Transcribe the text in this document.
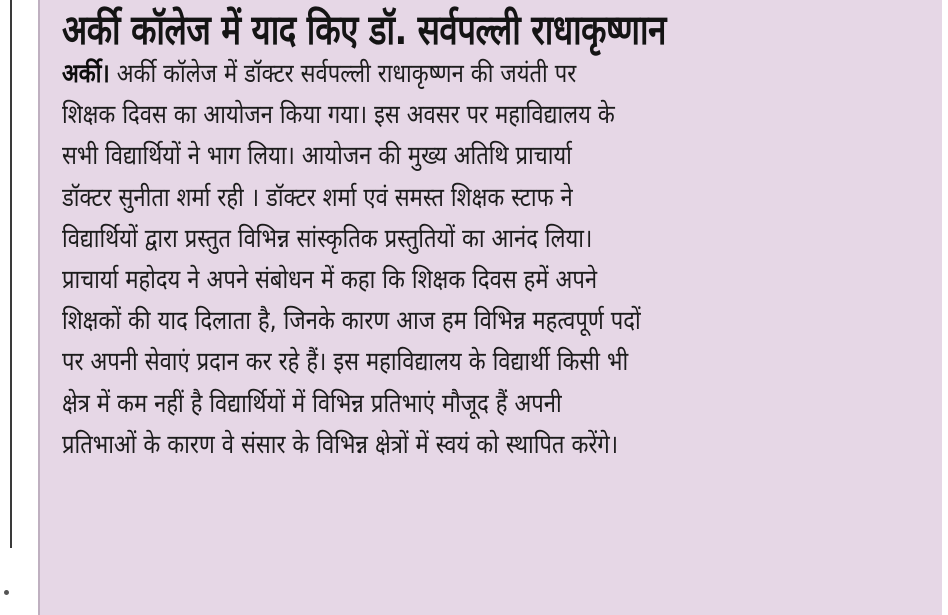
अर्की कॉलेज में याद किए डॉ. सर्वपल्ली राधाकृष्णान
अर्की। अर्की कॉलेज में डॉक्टर सर्वपल्ली राधाकृष्णन की जयंती पर
शिक्षक दिवस का आयोजन किया गया। इस अवसर पर महाविद्यालय के
सभी विद्यार्थियों ने भाग लिया। आयोजन की मुख्य अतिथि प्राचार्या
डॉक्टर सुनीता शर्मा रही । डॉक्टर शर्मा एवं समस्त शिक्षक स्टाफ ने
विद्यार्थियों द्वारा प्रस्तुत विभिन्न सांस्कृतिक प्रस्तुतियों का आनंद लिया।
प्राचार्या महोदय ने अपने संबोधन में कहा कि शिक्षक दिवस हमें अपने
शिक्षकों की याद दिलाता है, जिनके कारण आज हम विभिन्न महत्वपूर्ण पदों
पर अपनी सेवाएं प्रदान कर रहे हैं। इस महाविद्यालय के विद्यार्थी किसी भी
क्षेत्र में कम नहीं है विद्यार्थियों में विभिन्न प्रतिभाएं मौजूद हैं अपनी
प्रतिभाओं के कारण वे संसार के विभिन्न क्षेत्रों में स्वयं को स्थापित करेंगे।
